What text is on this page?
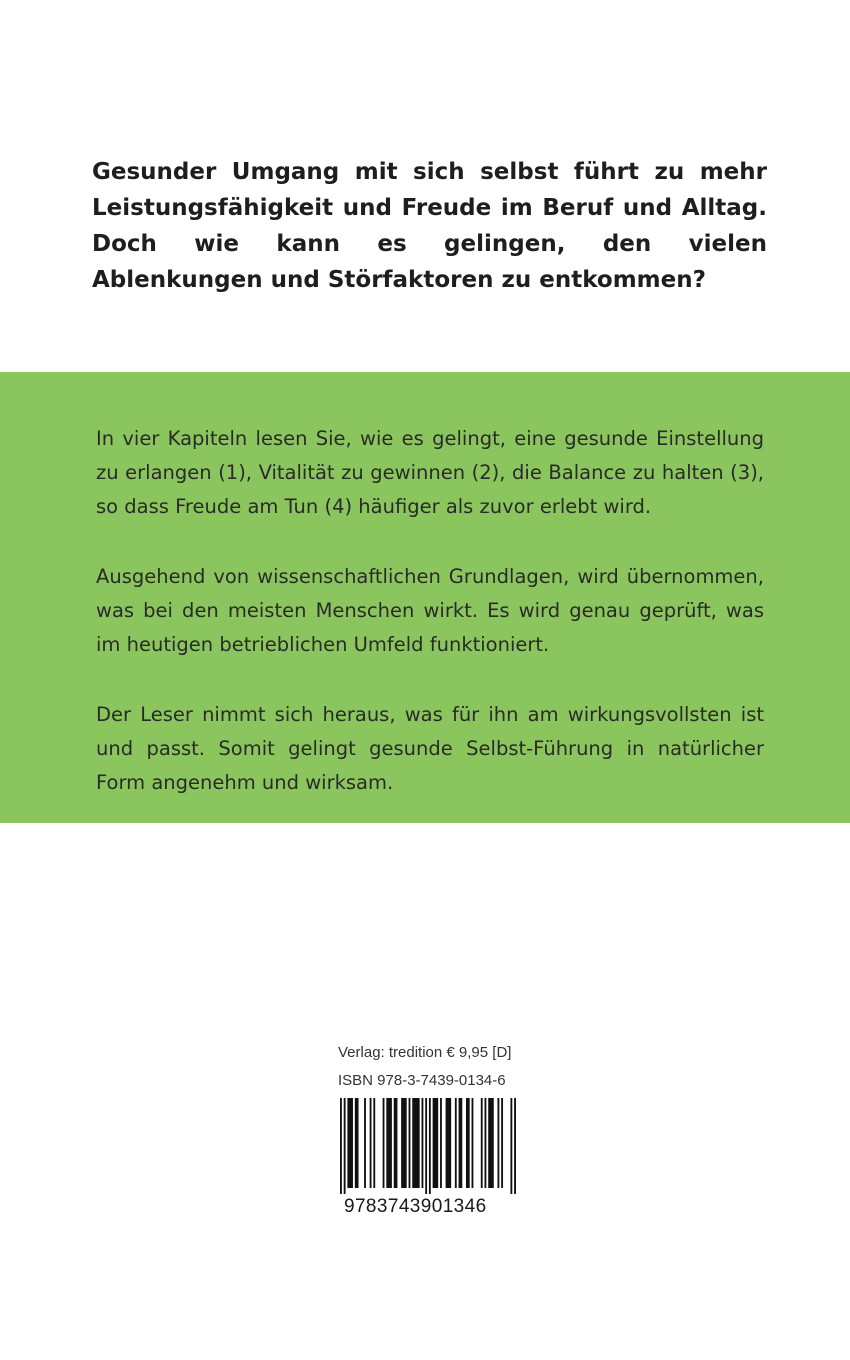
Gesunder Umgang mit sich selbst führt zu mehr Leistungsfähigkeit und Freude im Beruf und Alltag. Doch wie kann es gelingen, den vielen Ablenkungen und Störfaktoren zu entkommen?

In vier Kapiteln lesen Sie, wie es gelingt, eine gesunde Einstellung zu erlangen (1), Vitalität zu gewinnen (2), die Balance zu halten (3), so dass Freude am Tun (4) häufiger als zuvor erlebt wird.

Ausgehend von wissenschaftlichen Grundlagen, wird übernommen, was bei den meisten Menschen wirkt. Es wird genau geprüft, was im heutigen betrieblichen Umfeld funktioniert.

Der Leser nimmt sich heraus, was für ihn am wirkungsvollsten ist und passt. Somit gelingt gesunde Selbst-Führung in natürlicher Form angenehm und wirksam.

Verlag: tredition € 9,95 [D]

ISBN 978-3-7439-0134-6

9783743901346
